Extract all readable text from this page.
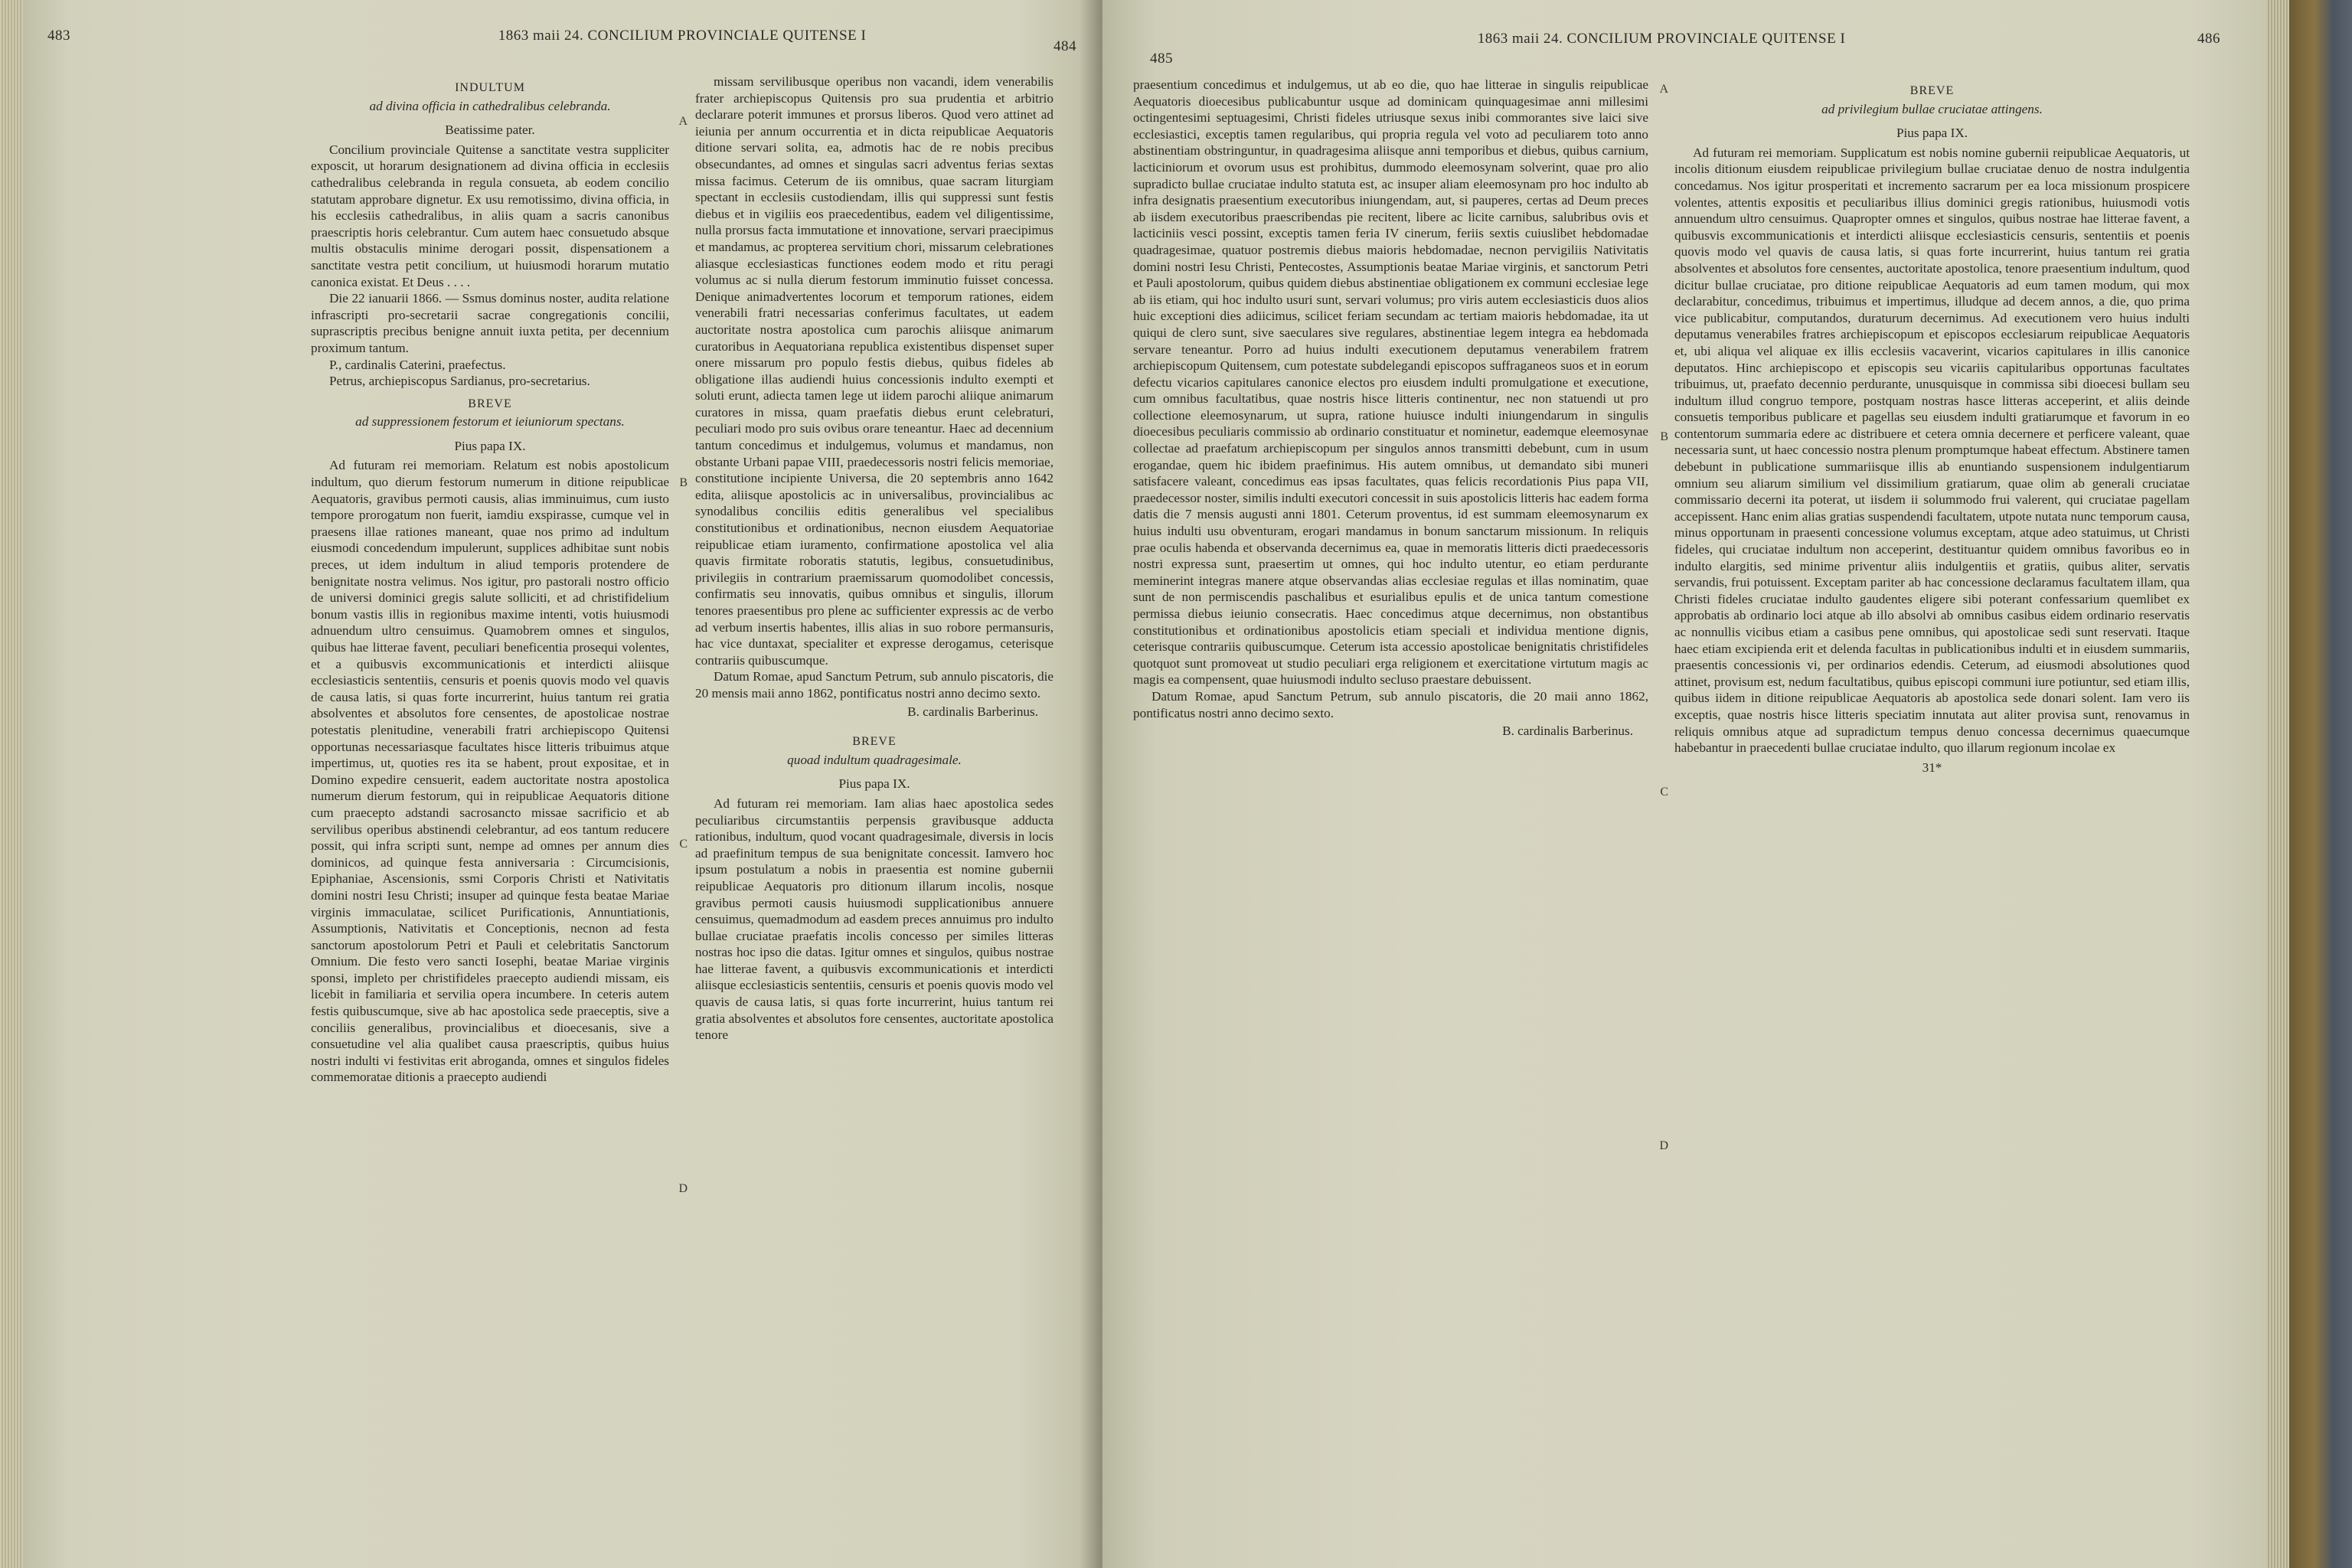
483	1863 maii 24. CONCILIUM PROVINCIALE QUITENSE I
484

INDULTUM

ad divina officia in cathedralibus celebranda.

Beatissime pater.

Concilium provinciale Quitense a sanctitate vestra suppliciter exposcit, ut horarum designationem ad divina officia in ecclesiis cathedralibus celebranda in regula consueta, ab eodem concilio statutam approbare dignetur. Ex usu remotissimo, divina officia, in his ecclesiis cathedralibus, in aliis quam a sacris canonibus praescriptis horis celebrantur. Cum autem haec consuetudo absque multis obstaculis minime derogari possit, dispensationem a sanctitate vestra petit concilium, ut huiusmodi horarum mutatio canonica existat. Et Deus . . . .

Die 22 ianuarii 1866. — Ssmus dominus noster, audita relatione infrascripti pro-secretarii sacrae congregationis concilii, suprascriptis precibus benigne annuit iuxta petita, per decennium proximum tantum.

P., cardinalis Caterini, praefectus.

Petrus, archiepiscopus Sardianus, pro-secretarius.

BREVE

ad suppressionem festorum et ieiuniorum spectans.

Pius papa IX.

Ad futuram rei memoriam. Relatum est nobis apostolicum indultum, quo dierum festorum numerum in ditione reipublicae Aequatoris, gravibus permoti causis, alias imminuimus, cum iusto tempore prorogatum non fuerit, iamdiu exspirasse, cumque vel in praesens illae rationes maneant, quae nos primo ad indultum eiusmodi concedendum impulerunt, supplices adhibitae sunt nobis preces, ut idem indultum in aliud temporis protendere de benignitate nostra velimus. Nos igitur, pro pastorali nostro officio de universi dominici gregis salute solliciti, et ad christifidelium bonum vastis illis in regionibus maxime intenti, votis huiusmodi adnuendum ultro censuimus. Quamobrem omnes et singulos, quibus hae litterae favent, peculiari beneficentia prosequi volentes, et a quibusvis excommunicationis et interdicti aliisque ecclesiasticis sententiis, censuris et poenis quovis modo vel quavis de causa latis, si quas forte incurrerint, huius tantum rei gratia absolventes et absolutos fore censentes, de apostolicae nostrae potestatis plenitudine, venerabili fratri archiepiscopo Quitensi opportunas necessariasque facultates hisce litteris tribuimus atque impertimus, ut, quoties res ita se habent, prout expositae, et in Domino expedire censuerit, eadem auctoritate nostra apostolica numerum dierum festorum, qui in reipublicae Aequatoris ditione cum praecepto adstandi sacrosancto missae sacrificio et ab servilibus operibus abstinendi celebrantur, ad eos tantum reducere possit, qui infra scripti sunt, nempe ad omnes per annum dies dominicos, ad quinque festa anniversaria : Circumcisionis, Epiphaniae, Ascensionis, ssmi Corporis Christi et Nativitatis domini nostri Iesu Christi; insuper ad quinque festa beatae Mariae virginis immaculatae, scilicet Purificationis, Annuntiationis, Assumptionis, Nativitatis et Conceptionis, necnon ad festa sanctorum apostolorum Petri et Pauli et celebritatis Sanctorum Omnium. Die festo vero sancti Iosephi, beatae Mariae virginis sponsi, impleto per christifideles praecepto audiendi missam, eis licebit in familiaria et servilia opera incumbere. In ceteris autem festis quibuscumque, sive ab hac apostolica sede praeceptis, sive a conciliis generalibus, provincialibus et dioecesanis, sive a consuetudine vel alia qualibet causa praescriptis, quibus huius nostri indulti vi festivitas erit abroganda, omnes et singulos fideles commemoratae ditionis a praecepto audiendi

A
B
C
D

missam servilibusque operibus non vacandi, idem venerabilis frater archiepiscopus Quitensis pro sua prudentia et arbitrio declarare poterit immunes et prorsus liberos. Quod vero attinet ad ieiunia per annum occurrentia et in dicta reipublicae Aequatoris ditione servari solita, ea, admotis hac de re nobis precibus obsecundantes, ad omnes et singulas sacri adventus ferias sextas missa facimus. Ceterum de iis omnibus, quae sacram liturgiam spectant in ecclesiis custodiendam, illis qui suppressi sunt festis diebus et in vigiliis eos praecedentibus, eadem vel diligentissime, nulla prorsus facta immutatione et innovatione, servari praecipimus et mandamus, ac propterea servitium chori, missarum celebrationes aliasque ecclesiasticas functiones eodem modo et ritu peragi volumus ac si nulla dierum festorum imminutio fuisset concessa. Denique animadvertentes locorum et temporum rationes, eidem venerabili fratri necessarias conferimus facultates, ut eadem auctoritate nostra apostolica cum parochis aliisque animarum curatoribus in Aequatoriana republica existentibus dispenset super onere missarum pro populo festis diebus, quibus fideles ab obligatione illas audiendi huius concessionis indulto exempti et soluti erunt, adiecta tamen lege ut iidem parochi aliique animarum curatores in missa, quam praefatis diebus erunt celebraturi, peculiari modo pro suis ovibus orare teneantur. Haec ad decennium tantum concedimus et indulgemus, volumus et mandamus, non obstante Urbani papae VIII, praedecessoris nostri felicis memoriae, constitutione incipiente Universa, die 20 septembris anno 1642 edita, aliisque apostolicis ac in universalibus, provincialibus ac synodalibus conciliis editis generalibus vel specialibus constitutionibus et ordinationibus, necnon eiusdem Aequatoriae reipublicae etiam iuramento, confirmatione apostolica vel alia quavis firmitate roboratis statutis, legibus, consuetudinibus, privilegiis in contrarium praemissarum quomodolibet concessis, confirmatis seu innovatis, quibus omnibus et singulis, illorum tenores praesentibus pro plene ac sufficienter expressis ac de verbo ad verbum insertis habentes, illis alias in suo robore permansuris, hac vice duntaxat, specialiter et expresse derogamus, ceterisque contrariis quibuscumque.

Datum Romae, apud Sanctum Petrum, sub annulo piscatoris, die 20 mensis maii anno 1862, pontificatus nostri anno decimo sexto.

B. cardinalis Barberinus.

BREVE

quoad indultum quadragesimale.

Pius papa IX.

Ad futuram rei memoriam. Iam alias haec apostolica sedes peculiaribus circumstantiis perpensis gravibusque adducta rationibus, indultum, quod vocant quadragesimale, diversis in locis ad praefinitum tempus de sua benignitate concessit. Iamvero hoc ipsum postulatum a nobis in praesentia est nomine gubernii reipublicae Aequatoris pro ditionum illarum incolis, nosque gravibus permoti causis huiusmodi supplicationibus annuere censuimus, quemadmodum ad easdem preces annuimus pro indulto bullae cruciatae praefatis incolis concesso per similes litteras nostras hoc ipso die datas. Igitur omnes et singulos, quibus nostrae hae litterae favent, a quibusvis excommunicationis et interdicti aliisque ecclesiasticis sententiis, censuris et poenis quovis modo vel quavis de causa latis, si quas forte incurrerint, huius tantum rei gratia absolventes et absolutos fore censentes, auctoritate apostolica tenore

485
1863 maii 24. CONCILIUM PROVINCIALE QUITENSE I	486

praesentium concedimus et indulgemus, ut ab eo die, quo hae litterae in singulis reipublicae Aequatoris dioecesibus publicabuntur usque ad dominicam quinquagesimae anni millesimi octingentesimi septuagesimi, Christi fideles utriusque sexus inibi commorantes sive laici sive ecclesiastici, exceptis tamen regularibus, qui propria regula vel voto ad peculiarem toto anno abstinentiam obstringuntur, in quadragesima aliisque anni temporibus et diebus, quibus carnium, lacticiniorum et ovorum usus est prohibitus, dummodo eleemosynam solverint, quae pro alio supradicto bullae cruciatae indulto statuta est, ac insuper aliam eleemosynam pro hoc indulto ab infra designatis praesentium executoribus iniungendam, aut, si pauperes, certas ad Deum preces ab iisdem executoribus praescribendas pie recitent, libere ac licite carnibus, salubribus ovis et lacticiniis vesci possint, exceptis tamen feria IV cinerum, feriis sextis cuiuslibet hebdomadae quadragesimae, quatuor postremis diebus maioris hebdomadae, necnon pervigiliis Nativitatis domini nostri Iesu Christi, Pentecostes, Assumptionis beatae Mariae virginis, et sanctorum Petri et Pauli apostolorum, quibus quidem diebus abstinentiae obligationem ex communi ecclesiae lege ab iis etiam, qui hoc indulto usuri sunt, servari volumus; pro viris autem ecclesiasticis duos alios huic exceptioni dies adiicimus, scilicet feriam secundam ac tertiam maioris hebdomadae, ita ut quiqui de clero sunt, sive saeculares sive regulares, abstinentiae legem integra ea hebdomada servare teneantur. Porro ad huius indulti executionem deputamus venerabilem fratrem archiepiscopum Quitensem, cum potestate subdelegandi episcopos suffraganeos suos et in eorum defectu vicarios capitulares canonice electos pro eiusdem indulti promulgatione et executione, cum omnibus facultatibus, quae nostris hisce litteris continentur, nec non statuendi ut pro collectione eleemosynarum, ut supra, ratione huiusce indulti iniungendarum in singulis dioecesibus peculiaris commissio ab ordinario constituatur et nominetur, eademque eleemosynae collectae ad praefatum archiepiscopum per singulos annos transmitti debebunt, cum in usum erogandae, quem hic ibidem praefinimus. His autem omnibus, ut demandato sibi muneri satisfacere valeant, concedimus eas ipsas facultates, quas felicis recordationis Pius papa VII, praedecessor noster, similis indulti executori concessit in suis apostolicis litteris hac eadem forma datis die 7 mensis augusti anni 1801. Ceterum proventus, id est summam eleemosynarum ex huius indulti usu obventuram, erogari mandamus in bonum sanctarum missionum. In reliquis prae oculis habenda et observanda decernimus ea, quae in memoratis litteris dicti praedecessoris nostri expressa sunt, praesertim ut omnes, qui hoc indulto utentur, eo etiam perdurante meminerint integras manere atque observandas alias ecclesiae regulas et illas nominatim, quae sunt de non permiscendis paschalibus et esurialibus epulis et de unica tantum comestione permissa diebus ieiunio consecratis. Haec concedimus atque decernimus, non obstantibus constitutionibus et ordinationibus apostolicis etiam speciali et individua mentione dignis, ceterisque contrariis quibuscumque. Ceterum ista accessio apostolicae benignitatis christifideles quotquot sunt promoveat ut studio peculiari erga religionem et exercitatione virtutum magis ac magis ea compensent, quae huiusmodi indulto secluso praestare debuissent.

Datum Romae, apud Sanctum Petrum, sub annulo piscatoris, die 20 maii anno 1862, pontificatus nostri anno decimo sexto.

B. cardinalis Barberinus.

A
B
C
D

BREVE

ad privilegium bullae cruciatae attingens.

Pius papa IX.

Ad futuram rei memoriam. Supplicatum est nobis nomine gubernii reipublicae Aequatoris, ut incolis ditionum eiusdem reipublicae privilegium bullae cruciatae denuo de nostra indulgentia concedamus. Nos igitur prosperitati et incremento sacrarum per ea loca missionum prospicere volentes, attentis expositis et peculiaribus illius dominici gregis rationibus, huiusmodi votis annuendum ultro censuimus. Quapropter omnes et singulos, quibus nostrae hae litterae favent, a quibusvis excommunicationis et interdicti aliisque ecclesiasticis censuris, sententiis et poenis quovis modo vel quavis de causa latis, si quas forte incurrerint, huius tantum rei gratia absolventes et absolutos fore censentes, auctoritate apostolica, tenore praesentium indultum, quod dicitur bullae cruciatae, pro ditione reipublicae Aequatoris ad eum tamen modum, qui mox declarabitur, concedimus, tribuimus et impertimus, illudque ad decem annos, a die, quo prima vice publicabitur, computandos, duraturum decernimus. Ad executionem vero huius indulti deputamus venerabiles fratres archiepiscopum et episcopos ecclesiarum reipublicae Aequatoris et, ubi aliqua vel aliquae ex illis ecclesiis vacaverint, vicarios capitulares in illis canonice deputatos. Hinc archiepiscopo et episcopis seu vicariis capitularibus opportunas facultates tribuimus, ut, praefato decennio perdurante, unusquisque in commissa sibi dioecesi bullam seu indultum illud congruo tempore, postquam nostras hasce litteras acceperint, et aliis deinde consuetis temporibus publicare et pagellas seu eiusdem indulti gratiarumque et favorum in eo contentorum summaria edere ac distribuere et cetera omnia decernere et perficere valeant, quae necessaria sunt, ut haec concessio nostra plenum promptumque habeat effectum. Abstinere tamen debebunt in publicatione summariisque illis ab enuntiando suspensionem indulgentiarum omnium seu aliarum similium vel dissimilium gratiarum, quae olim ab generali cruciatae commissario decerni ita poterat, ut iisdem ii solummodo frui valerent, qui cruciatae pagellam accepissent. Hanc enim alias gratias suspendendi facultatem, utpote nutata nunc temporum causa, minus opportunam in praesenti concessione volumus exceptam, atque adeo statuimus, ut Christi fideles, qui cruciatae indultum non acceperint, destituantur quidem omnibus favoribus eo in indulto elargitis, sed minime priventur aliis indulgentiis et gratiis, quibus aliter, servatis servandis, frui potuissent. Exceptam pariter ab hac concessione declaramus facultatem illam, qua Christi fideles cruciatae indulto gaudentes eligere sibi poterant confessarium quemlibet ex approbatis ab ordinario loci atque ab illo absolvi ab omnibus casibus eidem ordinario reservatis ac nonnullis vicibus etiam a casibus pene omnibus, qui apostolicae sedi sunt reservati. Itaque haec etiam excipienda erit et delenda facultas in publicationibus indulti et in eiusdem summariis, praesentis concessionis vi, per ordinarios edendis. Ceterum, ad eiusmodi absolutiones quod attinet, provisum est, nedum facultatibus, quibus episcopi communi iure potiuntur, sed etiam illis, quibus iidem in ditione reipublicae Aequatoris ab apostolica sede donari solent. Iam vero iis exceptis, quae nostris hisce litteris speciatim innutata aut aliter provisa sunt, renovamus in reliquis omnibus atque ad supradictum tempus denuo concessa decernimus quaecumque habebantur in praecedenti bullae cruciatae indulto, quo illarum regionum incolae ex

31*
